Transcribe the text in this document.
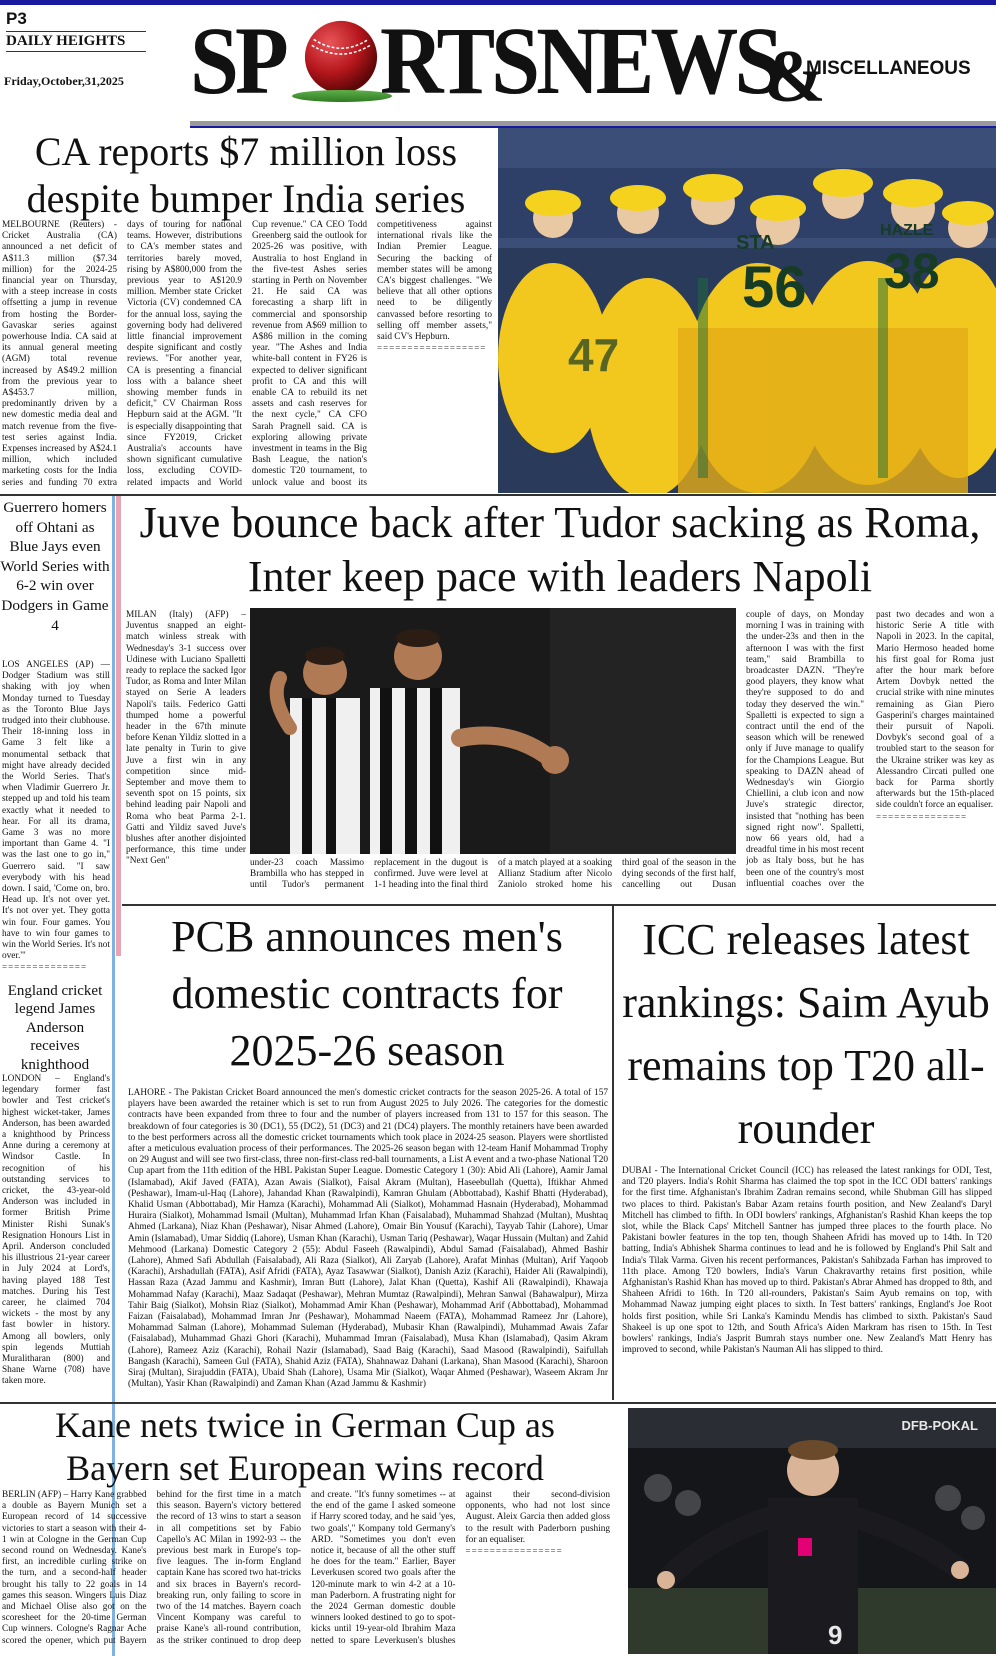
P3
DAILY HEIGHTS
Friday,October,31,2025 SP RTSNEWS
&
MISCELLANEOUS
CA reports $7 million loss despite bumper India series

MELBOURNE (Reuters) - Cricket Australia (CA) announced a net deficit of A$11.3 million ($7.34 million) for the 2024-25 financial year on Thursday, with a steep increase in costs offsetting a jump in revenue from hosting the Border-Gavaskar series against powerhouse India. CA said at its annual general meeting (AGM) total revenue increased by A$49.2 million from the previous year to A$453.7 million, predominantly driven by a new domestic media deal and match revenue from the five-test series against India. Expenses increased by A$24.1 million, which included marketing costs for the India series and funding 70 extra days of touring for national teams. However, distributions to CA's member states and territories barely moved, rising by A$800,000 from the previous year to A$120.9 million. Member state Cricket Victoria (CV) condemned CA for the annual loss, saying the governing body had delivered little financial improvement despite significant and costly reviews. "For another year, CA is presenting a financial loss with a balance sheet showing member funds in deficit," CV Chairman Ross Hepburn said at the AGM. "It is especially disappointing that since FY2019, Cricket Australia's accounts have shown significant cumulative loss, excluding COVID-related impacts and World Cup revenue." CA CEO Todd Greenberg said the outlook for 2025-26 was positive, with Australia to host England in the five-test Ashes series starting in Perth on November 21. He said CA was forecasting a sharp lift in commercial and sponsorship revenue from A$69 million to A$86 million in the coming year. "The Ashes and India white-ball content in FY26 is expected to deliver significant profit to CA and this will enable CA to rebuild its net assets and cash reserves for the next cycle," CA CFO Sarah Pragnell said. CA is exploring allowing private investment in teams in the Big Bash League, the nation's domestic T20 tournament, to unlock value and boost its competitiveness against international rivals like the Indian Premier League. Securing the backing of member states will be among CA's biggest challenges. "We believe that all other options need to be diligently canvassed before resorting to selling off member assets," said CV's Hepburn.

==================
56 38
47
STA
HAZLE
Guerrero homers off Ohtani as Blue Jays even World Series with 6-2 win over Dodgers in Game 4

LOS ANGELES (AP) — Dodger Stadium was still shaking with joy when Monday turned to Tuesday as the Toronto Blue Jays trudged into their clubhouse. Their 18-inning loss in Game 3 felt like a monumental setback that might have already decided the World Series. That's when Vladimir Guerrero Jr. stepped up and told his team exactly what it needed to hear. For all its drama, Game 3 was no more important than Game 4. "I was the last one to go in," Guerrero said. "I saw everybody with his head down. I said, 'Come on, bro. Head up. It's not over yet. It's not over yet. They gotta win four. Four games. You have to win four games to win the World Series. It's not over.'"

==============
England cricket legend James Anderson receives knighthood

LONDON – England's legendary former fast bowler and Test cricket's highest wicket-taker, James Anderson, has been awarded a knighthood by Princess Anne during a ceremony at Windsor Castle. In recognition of his outstanding services to cricket, the 43-year-old Anderson was included in former British Prime Minister Rishi Sunak's Resignation Honours List in April. Anderson concluded his illustrious 21-year career in July 2024 at Lord's, having played 188 Test matches. During his Test career, he claimed 704 wickets - the most by any fast bowler in history. Among all bowlers, only spin legends Muttiah Muralitharan (800) and Shane Warne (708) have taken more.

Juve bounce back after Tudor sacking as Roma, Inter keep pace with leaders Napoli

MILAN (Italy) (AFP) – Juventus snapped an eight-match winless streak with Wednesday's 3-1 success over Udinese with Luciano Spalletti ready to replace the sacked Igor Tudor, as Roma and Inter Milan stayed on Serie A leaders Napoli's tails. Federico Gatti thumped home a powerful header in the 67th minute before Kenan Yildiz slotted in a late penalty in Turin to give Juve a first win in any competition since mid-September and move them to seventh spot on 15 points, six behind leading pair Napoli and Roma who beat Parma 2-1. Gatti and Yildiz saved Juve's blushes after another disjointed performance, this time under "Next Gen"	under-23 coach Massimo Brambilla who has stepped in until Tudor's permanent replacement in the dugout is confirmed. Juve were level at 1-1 heading into the final third of a match played at a soaking Allianz Stadium after Nicolo Zaniolo stroked home his third goal of the season in the dying seconds of the first half, cancelling out Dusan

couple of days, on Monday morning I was in training with the under-23s and then in the afternoon I was with the first team," said Brambilla to broadcaster DAZN. "They're good players, they know what they're supposed to do and today they deserved the win." Spalletti is expected to sign a contract until the end of the season which will be renewed only if Juve manage to qualify for the Champions League. But speaking to DAZN ahead of Wednesday's win Giorgio Chiellini, a club icon and now Juve's strategic director, insisted that "nothing has been signed right now". Spalletti, now 66 years old, had a dreadful time in his most recent job as Italy boss, but he has been one of the country's most influential coaches over the past two decades and won a historic Serie A title with Napoli in 2023. In the capital, Mario Hermoso headed home his first goal for Roma just after the hour mark before Artem Dovbyk netted the crucial strike with nine minutes remaining as Gian Piero Gasperini's charges maintained their pursuit of Napoli. Dovbyk's second goal of a troubled start to the season for the Ukraine striker was key as Alessandro Circati pulled one back for Parma shortly afterwards but the 15th-placed side couldn't force an equaliser.

===============
PCB announces men's domestic contracts for 2025-26 season

LAHORE - The Pakistan Cricket Board announced the men's domestic cricket contracts for the season 2025-26. A total of 157 players have been awarded the retainer which is set to run from August 2025 to July 2026. The categories for the domestic contracts have been expanded from three to four and the number of players increased from 131 to 157 for this season. The breakdown of four categories is 30 (DC1), 55 (DC2), 51 (DC3) and 21 (DC4) players. The monthly retainers have been awarded to the best performers across all the domestic cricket tournaments which took place in 2024-25 season. Players were shortlisted after a meticulous evaluation process of their performances. The 2025-26 season began with 12-team Hanif Mohammad Trophy on 29 August and will see two first-class, three non-first-class red-ball tournaments, a List A event and a two-phase National T20 Cup apart from the 11th edition of the HBL Pakistan Super League. Domestic Category 1 (30): Abid Ali (Lahore), Aamir Jamal (Islamabad), Akif Javed (FATA), Azan Awais (Sialkot), Faisal Akram (Multan), Haseebullah (Quetta), Iftikhar Ahmed (Peshawar), Imam-ul-Haq (Lahore), Jahandad Khan (Rawalpindi), Kamran Ghulam (Abbottabad), Kashif Bhatti (Hyderabad), Khalid Usman (Abbottabad), Mir Hamza (Karachi), Mohammad Ali (Sialkot), Mohammad Hasnain (Hyderabad), Mohammad Huraira (Sialkot), Mohammad Ismail (Multan), Muhammad Irfan Khan (Faisalabad), Muhammad Shahzad (Multan), Mushtaq Ahmed (Larkana), Niaz Khan (Peshawar), Nisar Ahmed (Lahore), Omair Bin Yousuf (Karachi), Tayyab Tahir (Lahore), Umar Amin (Islamabad), Umar Siddiq (Lahore), Usman Khan (Karachi), Usman Tariq (Peshawar), Waqar Hussain (Multan) and Zahid Mehmood (Larkana) Domestic Category 2 (55): Abdul Faseeh (Rawalpindi), Abdul Samad (Faisalabad), Ahmed Bashir (Lahore), Ahmed Safi Abdullah (Faisalabad), Ali Raza (Sialkot), Ali Zaryab (Lahore), Arafat Minhas (Multan), Arif Yaqoob (Karachi), Arshadullah (FATA), Asif Afridi (FATA), Ayaz Tasawwar (Sialkot), Danish Aziz (Karachi), Haider Ali (Rawalpindi), Hassan Raza (Azad Jammu and Kashmir), Imran Butt (Lahore), Jalat Khan (Quetta), Kashif Ali (Rawalpindi), Khawaja Mohammad Nafay (Karachi), Maaz Sadaqat (Peshawar), Mehran Mumtaz (Rawalpindi), Mehran Sanwal (Bahawalpur), Mirza Tahir Baig (Sialkot), Mohsin Riaz (Sialkot), Mohammad Amir Khan (Peshawar), Mohammad Arif (Abbottabad), Mohammad Faizan (Faisalabad), Mohammad Imran Jnr (Peshawar), Mohammad Naeem (FATA), Mohammad Rameez Jnr (Lahore), Mohammad Salman (Lahore), Mohammad Suleman (Hyderabad), Mubasir Khan (Rawalpindi), Muhammad Awais Zafar (Faisalabad), Muhammad Ghazi Ghori (Karachi), Muhammad Imran (Faisalabad), Musa Khan (Islamabad), Qasim Akram (Lahore), Rameez Aziz (Karachi), Rohail Nazir (Islamabad), Saad Baig (Karachi), Saad Masood (Rawalpindi), Saifullah Bangash (Karachi), Sameen Gul (FATA), Shahid Aziz (FATA), Shahnawaz Dahani (Larkana), Shan Masood (Karachi), Sharoon Siraj (Multan), Sirajuddin (FATA), Ubaid Shah (Lahore), Usama Mir (Sialkot), Waqar Ahmed (Peshawar), Waseem Akram Jnr (Multan), Yasir Khan (Rawalpindi) and Zaman Khan (Azad Jammu & Kashmir)

ICC releases latest rankings: Saim Ayub remains top T20 all-rounder

DUBAI - The International Cricket Council (ICC) has released the latest rankings for ODI, Test, and T20 players. India's Rohit Sharma has claimed the top spot in the ICC ODI batters' rankings for the first time. Afghanistan's Ibrahim Zadran remains second, while Shubman Gill has slipped two places to third. Pakistan's Babar Azam retains fourth position, and New Zealand's Daryl Mitchell has climbed to fifth. In ODI bowlers' rankings, Afghanistan's Rashid Khan keeps the top slot, while the Black Caps' Mitchell Santner has jumped three places to the fourth place. No Pakistani bowler features in the top ten, though Shaheen Afridi has moved up to 14th. In T20 batting, India's Abhishek Sharma continues to lead and he is followed by England's Phil Salt and India's Tilak Varma. Given his recent performances, Pakistan's Sahibzada Farhan has improved to 11th place. Among T20 bowlers, India's Varun Chakravarthy retains first position, while Afghanistan's Rashid Khan has moved up to third. Pakistan's Abrar Ahmed has dropped to 8th, and Shaheen Afridi to 16th. In T20 all-rounders, Pakistan's Saim Ayub remains on top, with Mohammad Nawaz jumping eight places to sixth. In Test batters' rankings, England's Joe Root holds first position, while Sri Lanka's Kamindu Mendis has climbed to sixth. Pakistan's Saud Shakeel is up one spot to 12th, and South Africa's Aiden Markram has risen to 15th. In Test bowlers' rankings, India's Jasprit Bumrah stays number one. New Zealand's Matt Henry has improved to second, while Pakistan's Nauman Ali has slipped to third.

Kane nets twice in German Cup as Bayern set European wins record

BERLIN (AFP) – Harry Kane grabbed a double as Bayern Munich set a European record of 14 successive victories to start a season with their 4-1 win at Cologne in the German Cup second round on Wednesday. Kane's first, an incredible curling strike on the turn, and a second-half header brought his tally to 22 goals in 14 games this season. Wingers Luis Diaz and Michael Olise also got on the scoresheet for the 20-time German Cup winners. Cologne's Ragnar Ache scored the opener, which put Bayern behind for the first time in a match this season. Bayern's victory bettered the record of 13 wins to start a season in all competitions set by Fabio Capello's AC Milan in 1992-93 -- the previous best mark in Europe's top-five leagues. The in-form England captain Kane has scored two hat-tricks and six braces in Bayern's record-breaking run, only failing to score in two of the 14 matches. Bayern coach Vincent Kompany was careful to praise Kane's all-round contribution, as the striker continued to drop deep and create. "It's funny sometimes -- at the end of the game I asked someone if Harry scored today, and he said 'yes, two goals'," Kompany told Germany's ARD. "Sometimes you don't even notice it, because of all the other stuff he does for the team." Earlier, Bayer Leverkusen scored two goals after the 120-minute mark to win 4-2 at a 10-man Paderborn. A frustrating night for the 2024 German domestic double winners looked destined to go to spot-kicks until 19-year-old Ibrahim Maza netted to spare Leverkusen's blushes against their second-division opponents, who had not lost since August. Aleix Garcia then added gloss to the result with Paderborn pushing for an equaliser.

================
DFB-POKAL
9
